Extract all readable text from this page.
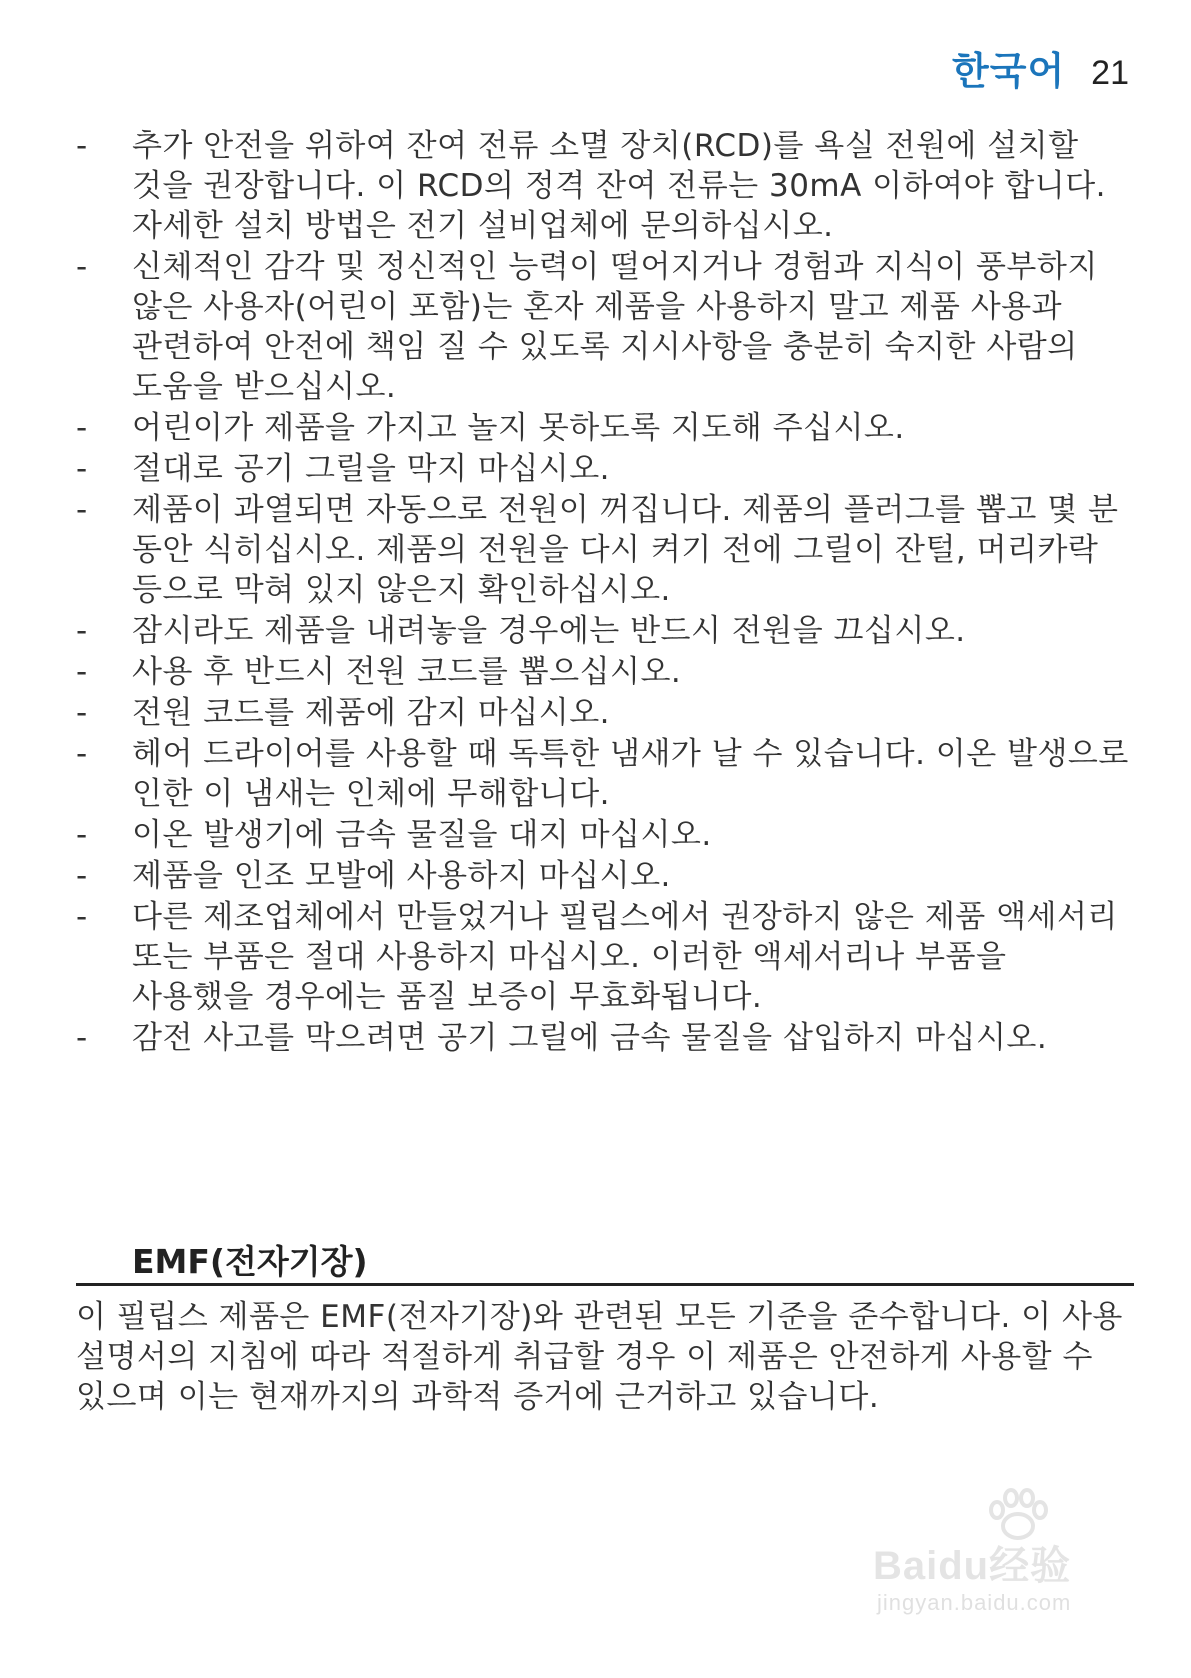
한국어 21
-	추가 안전을 위하여 잔여 전류 소멸 장치(RCD)를 욕실 전원에 설치할 것을 권장합니다. 이 RCD의 정격 잔여 전류는 30mA 이하여야 합니다. 자세한 설치 방법은 전기 설비업체에 문의하십시오.
-	신체적인 감각 및 정신적인 능력이 떨어지거나 경험과 지식이 풍부하지 않은 사용자(어린이 포함)는 혼자 제품을 사용하지 말고 제품 사용과 관련하여 안전에 책임 질 수 있도록 지시사항을 충분히 숙지한 사람의 도움을 받으십시오.
-	어린이가 제품을 가지고 놀지 못하도록 지도해 주십시오.
-	절대로 공기 그릴을 막지 마십시오.
-	제품이 과열되면 자동으로 전원이 꺼집니다. 제품의 플러그를 뽑고 몇 분 동안 식히십시오. 제품의 전원을 다시 켜기 전에 그릴이 잔털, 머리카락 등으로 막혀 있지 않은지 확인하십시오.
-	잠시라도 제품을 내려놓을 경우에는 반드시 전원을 끄십시오.
-	사용 후 반드시 전원 코드를 뽑으십시오.
-	전원 코드를 제품에 감지 마십시오.
-	헤어 드라이어를 사용할 때 독특한 냄새가 날 수 있습니다. 이온 발생으로 인한 이 냄새는 인체에 무해합니다.
-	이온 발생기에 금속 물질을 대지 마십시오.
-	제품을 인조 모발에 사용하지 마십시오.
-	다른 제조업체에서 만들었거나 필립스에서 권장하지 않은 제품 액세서리 또는 부품은 절대 사용하지 마십시오. 이러한 액세서리나 부품을 사용했을 경우에는 품질 보증이 무효화됩니다.
-	감전 사고를 막으려면 공기 그릴에 금속 물질을 삽입하지 마십시오.
EMF(전자기장)

이 필립스 제품은 EMF(전자기장)와 관련된 모든 기준을 준수합니다. 이 사용 설명서의 지침에 따라 적절하게 취급할 경우 이 제품은 안전하게 사용할 수 있으며 이는 현재까지의 과학적 증거에 근거하고 있습니다.

Baidu经验
jingyan.baidu.com
